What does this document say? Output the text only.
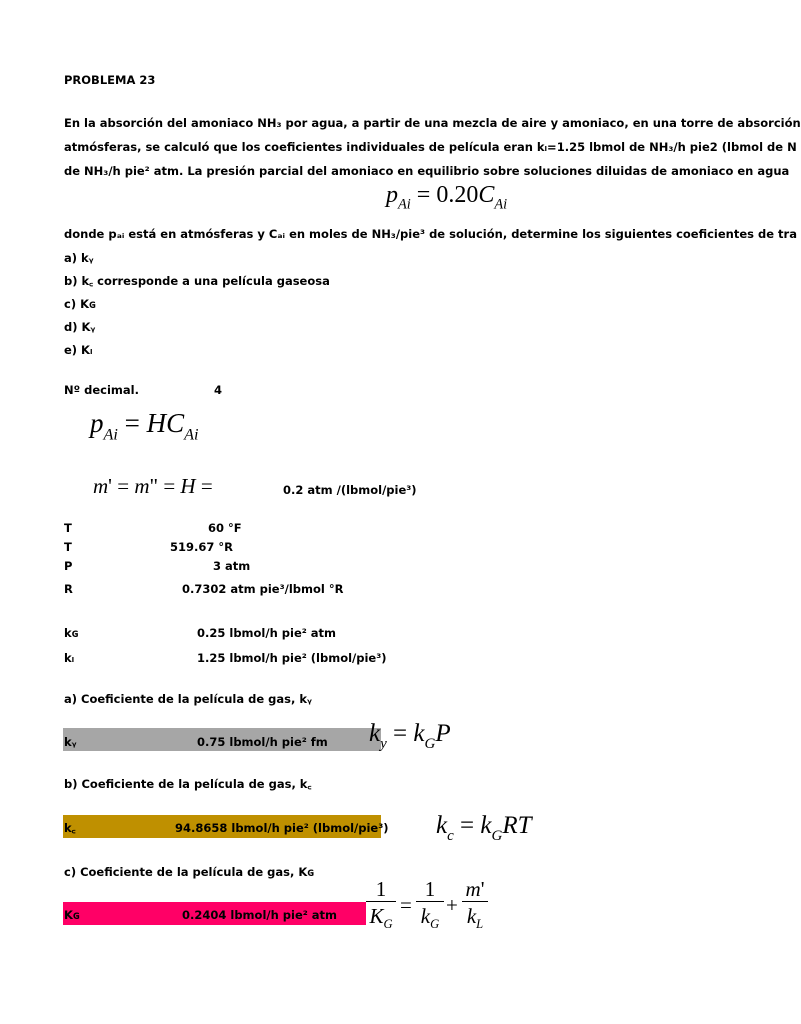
PROBLEMA 23
En la absorción del amoniaco NH₃ por agua, a partir de una mezcla de aire y amoniaco, en una torre de absorción
atmósferas, se calculó que los coeficientes individuales de película eran kₗ=1.25 lbmol de NH₃/h pie2 (lbmol de N
de NH₃/h pie² atm. La presión parcial del amoniaco en equilibrio sobre soluciones diluidas de amoniaco en agua
$p_{Ai} = 0.20C_{Ai}$
donde pₐᵢ está en atmósferas y Cₐᵢ en moles de NH₃/pie³ de solución, determine los siguientes coeficientes de tra
a) kᵧ
b) k꜀ corresponde a una película gaseosa
c) Kɢ
d) Kᵧ
e) Kₗ
Nº decimal.	4
$p_{Ai} = HC_{Ai}$
m' = m" = H =	0.2 atm /(lbmol/pie³)
T	60 °F
T	519.67 °R
P	3 atm
R	0.7302 atm pie³/lbmol °R
kɢ	0.25 lbmol/h pie² atm
kₗ	1.25 lbmol/h pie² (lbmol/pie³)
a) Coeficiente de la película de gas, kᵧ
kᵧ	0.75 lbmol/h pie² fm $k_y = k_GP$
b) Coeficiente de la película de gas, k꜀
k꜀	94.8658 lbmol/h pie² (lbmol/pie³) $k_c = k_GRT$
c) Coeficiente de la película de gas, Kɢ
Kɢ	0.2404 lbmol/h pie² atm $\frac{1}{K_G} = \frac{1}{k_G} + \frac{m'}{k_L}$
